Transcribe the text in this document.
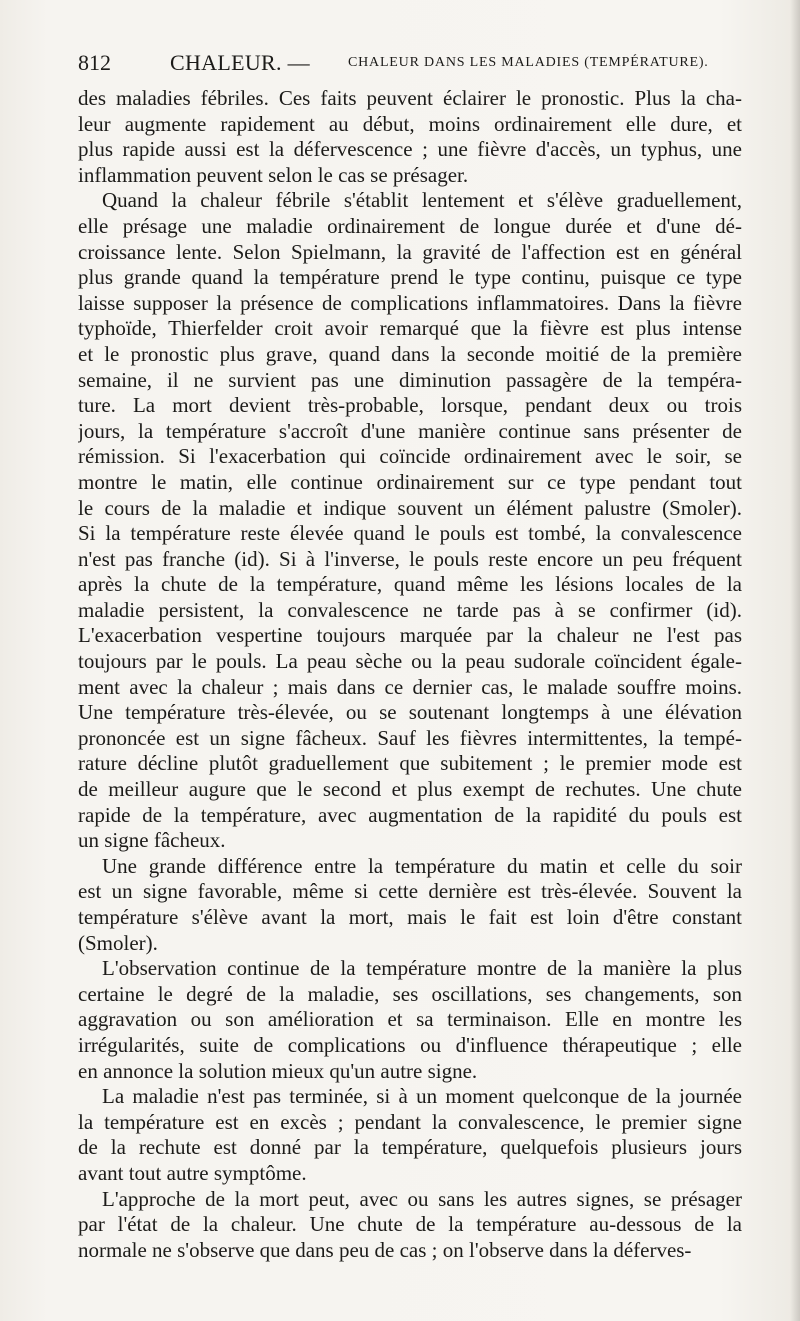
812	CHALEUR. —	CHALEUR DANS LES MALADIES (TEMPÉRATURE).
des maladies fébriles. Ces faits peuvent éclairer le pronostic. Plus la cha-
leur augmente rapidement au début, moins ordinairement elle dure, et
plus rapide aussi est la défervescence ; une fièvre d'accès, un typhus, une
inflammation peuvent selon le cas se présager.
Quand la chaleur fébrile s'établit lentement et s'élève graduellement,
elle présage une maladie ordinairement de longue durée et d'une dé-
croissance lente. Selon Spielmann, la gravité de l'affection est en général
plus grande quand la température prend le type continu, puisque ce type
laisse supposer la présence de complications inflammatoires. Dans la fièvre
typhoïde, Thierfelder croit avoir remarqué que la fièvre est plus intense
et le pronostic plus grave, quand dans la seconde moitié de la première
semaine, il ne survient pas une diminution passagère de la tempéra-
ture. La mort devient très-probable, lorsque, pendant deux ou trois
jours, la température s'accroît d'une manière continue sans présenter de
rémission. Si l'exacerbation qui coïncide ordinairement avec le soir, se
montre le matin, elle continue ordinairement sur ce type pendant tout
le cours de la maladie et indique souvent un élément palustre (Smoler).
Si la température reste élevée quand le pouls est tombé, la convalescence
n'est pas franche (id). Si à l'inverse, le pouls reste encore un peu fréquent
après la chute de la température, quand même les lésions locales de la
maladie persistent, la convalescence ne tarde pas à se confirmer (id).
L'exacerbation vespertine toujours marquée par la chaleur ne l'est pas
toujours par le pouls. La peau sèche ou la peau sudorale coïncident égale-
ment avec la chaleur ; mais dans ce dernier cas, le malade souffre moins.
Une température très-élevée, ou se soutenant longtemps à une élévation
prononcée est un signe fâcheux. Sauf les fièvres intermittentes, la tempé-
rature décline plutôt graduellement que subitement ; le premier mode est
de meilleur augure que le second et plus exempt de rechutes. Une chute
rapide de la température, avec augmentation de la rapidité du pouls est
un signe fâcheux.
Une grande différence entre la température du matin et celle du soir
est un signe favorable, même si cette dernière est très-élevée. Souvent la
température s'élève avant la mort, mais le fait est loin d'être constant
(Smoler).
L'observation continue de la température montre de la manière la plus
certaine le degré de la maladie, ses oscillations, ses changements, son
aggravation ou son amélioration et sa terminaison. Elle en montre les
irrégularités, suite de complications ou d'influence thérapeutique ; elle
en annonce la solution mieux qu'un autre signe.
La maladie n'est pas terminée, si à un moment quelconque de la journée
la température est en excès ; pendant la convalescence, le premier signe
de la rechute est donné par la température, quelquefois plusieurs jours
avant tout autre symptôme.
L'approche de la mort peut, avec ou sans les autres signes, se présager
par l'état de la chaleur. Une chute de la température au-dessous de la
normale ne s'observe que dans peu de cas ; on l'observe dans la déferves-
